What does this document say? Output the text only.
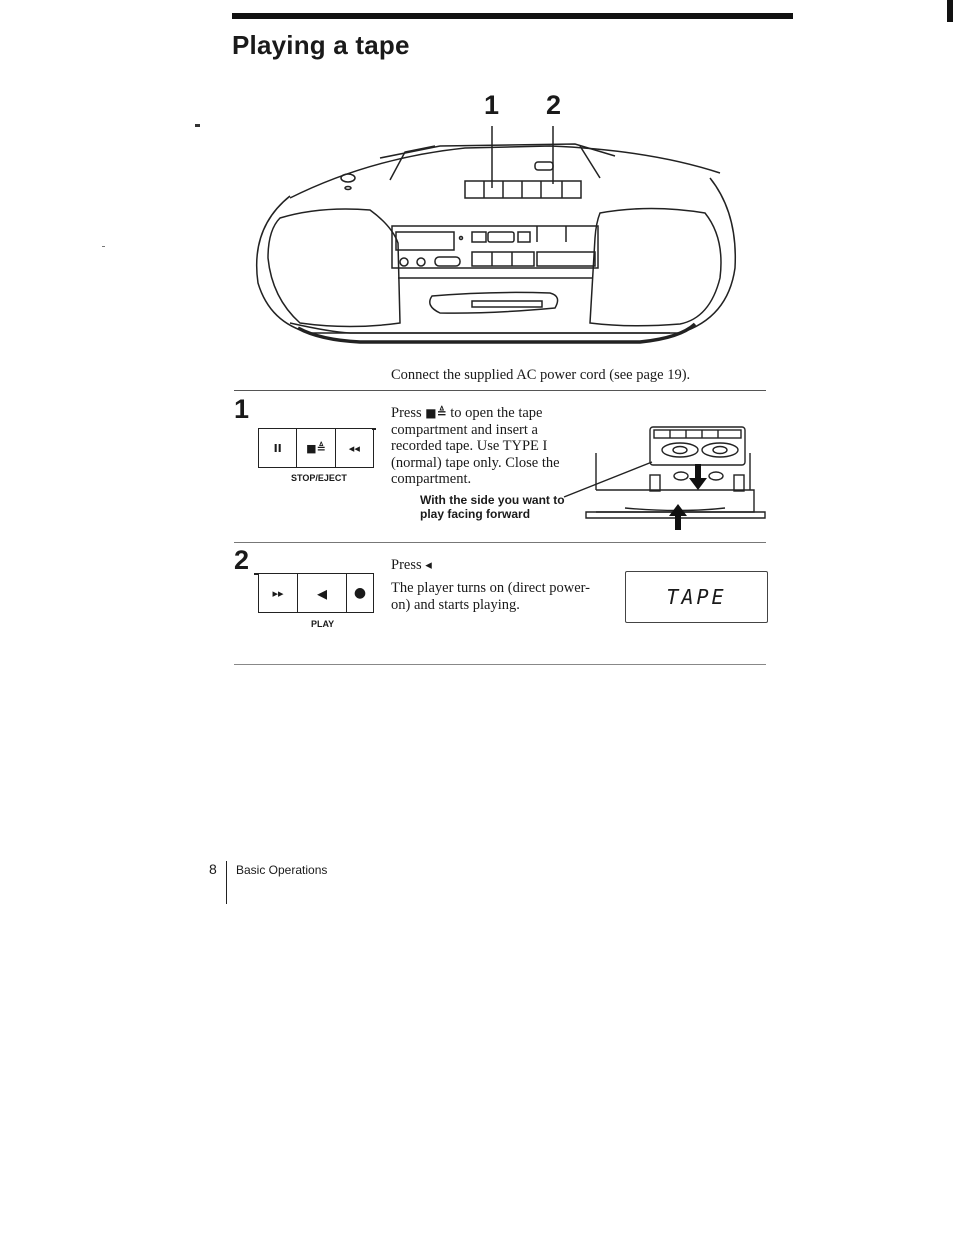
Playing a tape
1 2
Connect the supplied AC power cord (see page 19).
1
II	■≜	◂◂
STOP/EJECT
Press ■≜ to open the tape compartment and insert a recorded tape. Use TYPE I (normal) tape only. Close the compartment.
With the side you want to play facing forward
2
▸▸	◂	●
PLAY
Press ◂
The player turns on (direct power-on) and starts playing.	TAPE
8 Basic Operations
